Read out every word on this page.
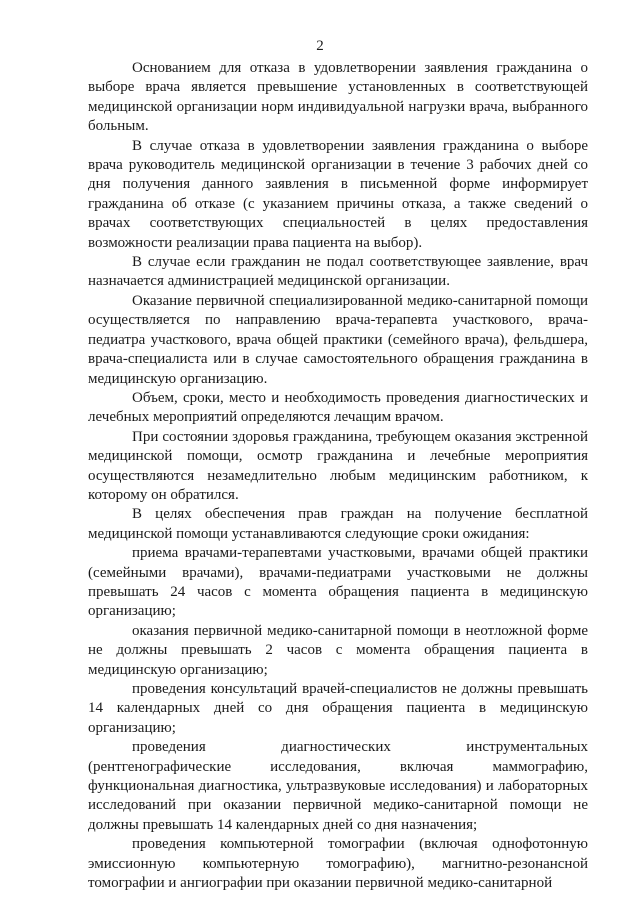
2

Основанием для отказа в удовлетворении заявления гражданина о выборе врача является превышение установленных в соответствующей медицинской организации норм индивидуальной нагрузки врача, выбранного больным.

В случае отказа в удовлетворении заявления гражданина о выборе врача руководитель медицинской организации в течение 3 рабочих дней со дня получения данного заявления в письменной форме информирует гражданина об отказе (с указанием причины отказа, а также сведений о врачах соответствующих специальностей в целях предоставления возможности реализации права пациента на выбор).

В случае если гражданин не подал соответствующее заявление, врач назначается администрацией медицинской организации.

Оказание первичной специализированной медико-санитарной помощи осуществляется по направлению врача-терапевта участкового, врача-педиатра участкового, врача общей практики (семейного врача), фельдшера, врача-специалиста или в случае самостоятельного обращения гражданина в медицинскую организацию.

Объем, сроки, место и необходимость проведения диагностических и лечебных мероприятий определяются лечащим врачом.

При состоянии здоровья гражданина, требующем оказания экстренной медицинской помощи, осмотр гражданина и лечебные мероприятия осуществляются незамедлительно любым медицинским работником, к которому он обратился.

В целях обеспечения прав граждан на получение бесплатной медицинской помощи устанавливаются следующие сроки ожидания:

приема врачами-терапевтами участковыми, врачами общей практики (семейными врачами), врачами-педиатрами участковыми не должны превышать 24 часов с момента обращения пациента в медицинскую организацию;

оказания первичной медико-санитарной помощи в неотложной форме не должны превышать 2 часов с момента обращения пациента в медицинскую организацию;

проведения консультаций врачей-специалистов не должны превышать 14 календарных дней со дня обращения пациента в медицинскую организацию;

проведения диагностических инструментальных (рентгенографические исследования, включая маммографию, функциональная диагностика, ультразвуковые исследования) и лабораторных исследований при оказании первичной медико-санитарной помощи не должны превышать 14 календарных дней со дня назначения;

проведения компьютерной томографии (включая однофотонную эмиссионную компьютерную томографию), магнитно-резонансной томографии и ангиографии при оказании первичной медико-санитарной
